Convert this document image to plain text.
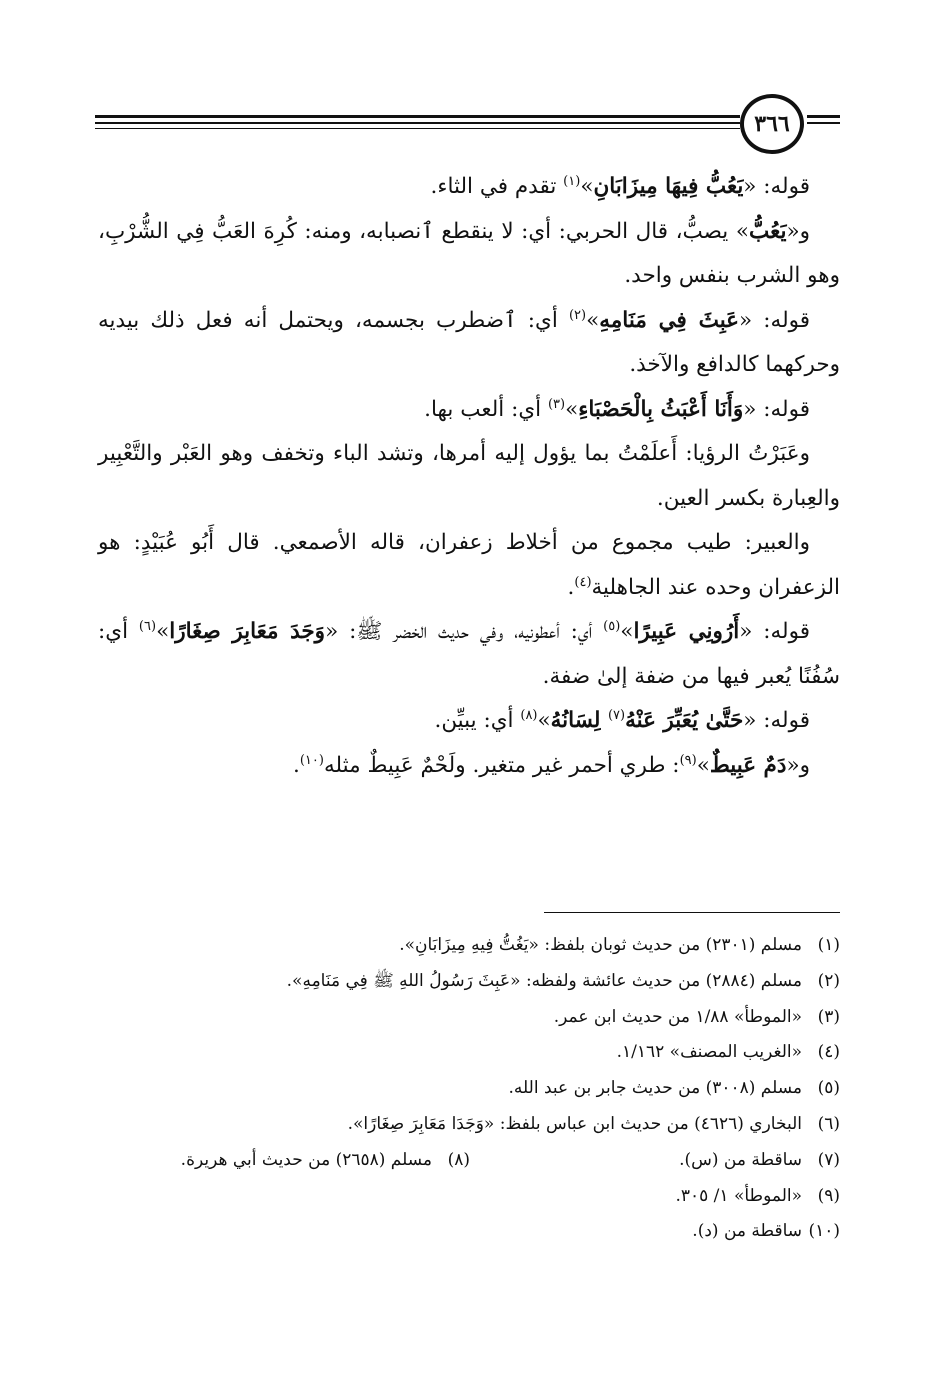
٣٦٦

قوله: «يَعُبُّ فِيهَا مِيزَابَانِ»$^{(١)}$ تقدم في الثاء.

و«يَعُبُّ» يصبُّ، قال الحربي: أي: لا ينقطع ٱنصبابه، ومنه: كُرِهَ العَبُّ فِي الشُّرْبِ، وهو الشرب بنفس واحد.

قوله: «عَبِثَ فِي مَنَامِهِ»$^{(٢)}$ أي: ٱضطرب بجسمه، ويحتمل أنه فعل ذلك بيديه وحركهما كالدافع والآخذ.

قوله: «وَأَنَا أَعْبَثُ بِالْحَصْبَاءِ»$^{(٣)}$ أي: ألعب بها.

وعَبَرْتُ الرؤيا: أَعلَمْتُ بما يؤول إليه أمرها، وتشد الباء وتخفف وهو العَبْر والتَّعْبِير والعِبارة بكسر العين.

والعبير: طيب مجموع من أخلاط زعفران، قاله الأصمعي. قال أَبُو عُبَيْدٍ: هو الزعفران وحده عند الجاهلية$^{(٤)}$.

قوله: «أَرُونِي عَبِيرًا»$^{(٥)}$ أي: أعطونيه، وفي حديث الخضر ﷺ: «وَجَدَ مَعَابِرَ صِغَارًا»$^{(٦)}$ أي: سُفُنًا يُعبر فيها من ضفة إلىٰ ضفة.

قوله: «حَتَّىٰ يُعَبِّرَ عَنْهُ$^{(٧)}$ لِسَانُهُ»$^{(٨)}$ أي: يبيِّن.

و«دَمٌ عَبِيطٌ»$^{(٩)}$: طري أحمر غير متغير. ولَحْمٌ عَبِيطٌ مثله$^{(١٠)}$.

(١)
مسلم (٢٣٠١) من حديث ثوبان بلفظ: «يَغُتُّ فِيهِ مِيزَابَانِ».
(٢)
مسلم (٢٨٨٤) من حديث عائشة ولفظه: «عَبِثَ رَسُولُ اللهِ ﷺ فِي مَنَامِهِ».
(٣)
«الموطأ» ١/٨٨ من حديث ابن عمر.
(٤)
«الغريب المصنف» ١/١٦٢.
(٥)
مسلم (٣٠٠٨) من حديث جابر بن عبد الله.
(٦)
البخاري (٤٦٢٦) من حديث ابن عباس بلفظ: «وَجَدَا مَعَابِرَ صِغَارًا».
(٧)
ساقطة من (س).
(٨)
مسلم (٢٦٥٨) من حديث أبي هريرة.
(٩)
«الموطأ» ١/ ٣٠٥.
(١٠)
ساقطة من (د).
